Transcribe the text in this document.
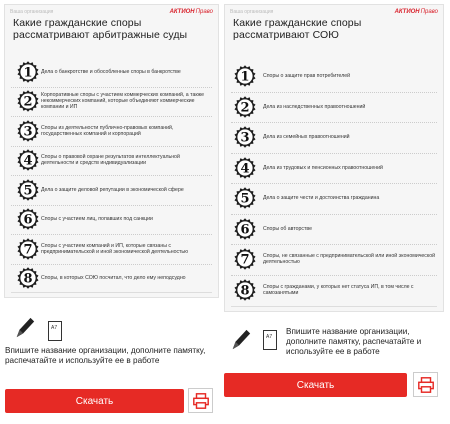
Ваша организация	АКТИОН Право
Какие гражданские споры рассматривают арбитражные суды
1 Дела о банкротстве и обособленные споры в банкротстве
2
Корпоративные споры с участием коммерческих компаний, а также некоммерческих компаний, которые объединяют коммерческие компании и ИП
3 Споры из деятельности публично-правовых компаний, государственных компаний и корпораций
4 Споры о правовой охране результатов интеллектуальной деятельности и средств индивидуализации
5 Дела о защите деловой репутации в экономической сфере
6 Споры с участием лиц, попавших под санкции
7 Споры с участием компаний и ИП, которые связаны с предпринимательской и иной экономической деятельностью
8 Споры, в которых СОЮ посчитал, что дело ему неподсудно
Ваша организация	АКТИОН Право
Какие гражданские споры рассматривают СОЮ
1	Споры о защите прав потребителей
2	Дела из наследственных правоотношений
3	Дела из семейных правоотношений
4	Дела из трудовых и пенсионных правоотношений
5	Дела о защите чести и достоинства гражданина
6	Споры об авторстве
7	Споры, не связанные с предпринимательской или иной экономической деятельностью
8	Споры с гражданами, у которых нет статуса ИП, в том числе с самозанятыми
А7
Впишите название организации, дополните памятку, распечатайте и используйте ее в работе
Скачать
А7
Впишите название организации, дополните памятку, распечатайте и используйте ее в работе
Скачать
